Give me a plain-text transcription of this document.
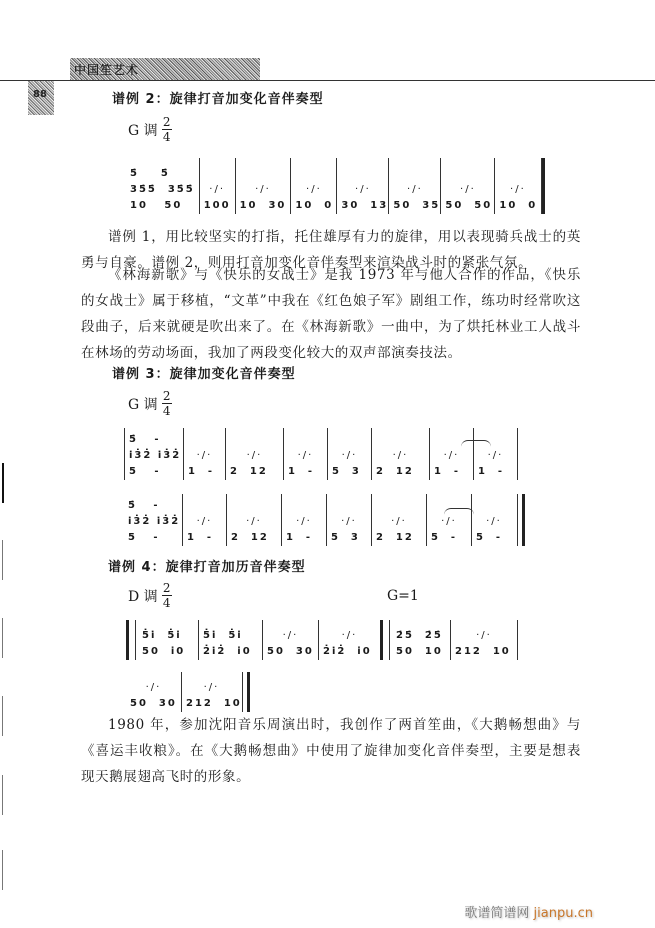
中国笙艺术
88	谱例 2：旋律打音加变化音伴奏型
G 调 $\frac{2}{4}$
5̇    5̇
35̇5̇  35̇5̇
10   50
·/·
100
·/·
10  30
·/·
10  0
·/·
30  13
·/·
50  35
·/·
50  50
·/·
10  0
谱例 1，用比较坚实的打指，托住雄厚有力的旋律，用以表现骑兵战士的英勇与自豪。谱例 2，则用打音加变化音伴奏型来渲染战斗时的紧张气氛。
《林海新歌》与《快乐的女战士》是我 1973 年与他人合作的作品，《快乐的女战士》属于移植，“文革”中我在《红色娘子军》剧组工作，练功时经常吹这段曲子，后来就硬是吹出来了。在《林海新歌》一曲中，为了烘托林业工人战斗在林场的劳动场面，我加了两段变化较大的双声部演奏技法。
谱例 3：旋律加变化音伴奏型
G 调 $\frac{2}{4}$
5̇   -
i̇3̇2̇ i̇3̇2̇
5   -
·/·
1  -
·/·
2  12
·/·
1  -
·/·
5  3
·/·
2  12
·/·
1  -
·/·
1  -
5̇   -
i̇3̇2̇ i̇3̇2̇
5   -
·/·
1  -
·/·
2  12
·/·
1  -
·/·
5  3
·/·
2  12
·/·
5  -
·/·
5  -
谱例 4：旋律打音加历音伴奏型
D 调 $\frac{2}{4}$	G=1
5̇i̇  5̇i̇
50  i0
5̇i̇  5̇i̇
2̇i̇2̇  i0
·/·
50  30
·/·
2̇i̇2̇  i0
2̇5̇  2̇5̇
50  10
·/·
212  10
·/·
50  30
·/·
212  10
1980 年，参加沈阳音乐周演出时，我创作了两首笙曲，《大鹅畅想曲》与《喜运丰收粮》。在《大鹅畅想曲》中使用了旋律加变化音伴奏型，主要是想表现天鹅展翅高飞时的形象。
歌谱简谱网 jianpu.cn
